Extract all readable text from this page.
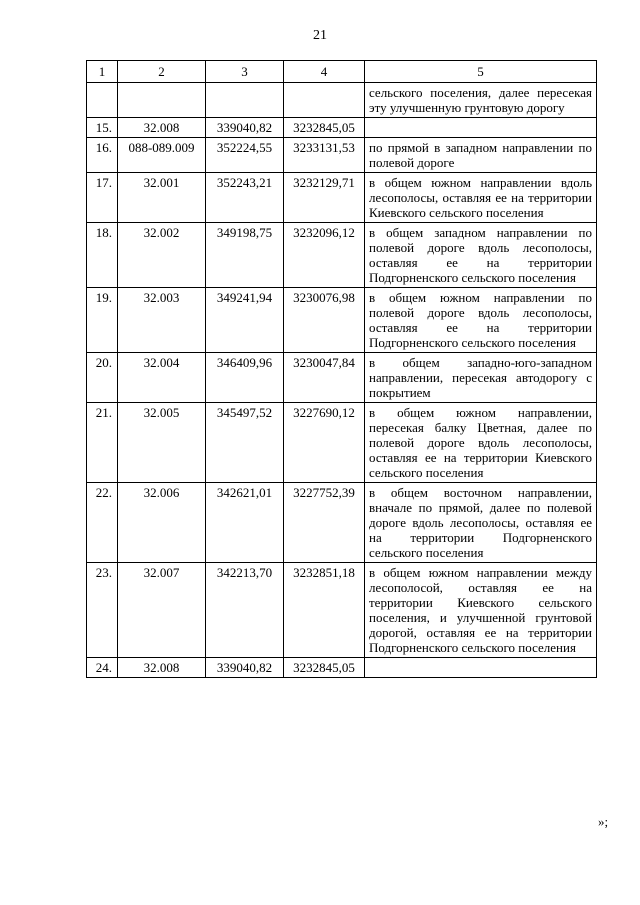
21
1	2	3	4	5
				сельского поселения, далее пересекая эту улучшенную грунтовую дорогу
15.	32.008	339040,82	3232845,05	
16.	088-089.009	352224,55	3233131,53	по прямой в западном направлении по полевой дороге
17.	32.001	352243,21	3232129,71	в общем южном направлении вдоль лесополосы, оставляя ее на территории Киевского сельского поселения
18.	32.002	349198,75	3232096,12	в общем западном направлении по полевой дороге вдоль лесополосы, оставляя ее на территории Подгорненского сельского поселения
19.	32.003	349241,94	3230076,98	в общем южном направлении по полевой дороге вдоль лесополосы, оставляя ее на территории Подгорненского сельского поселения
20.	32.004	346409,96	3230047,84	в общем западно-юго-западном направлении, пересекая автодорогу с покрытием
21.	32.005	345497,52	3227690,12	в общем южном направлении, пересекая балку Цветная, далее по полевой дороге вдоль лесополосы, оставляя ее на территории Киевского сельского поселения
22.	32.006	342621,01	3227752,39	в общем восточном направлении, вначале по прямой, далее по полевой дороге вдоль лесополосы, оставляя ее на территории Подгорненского сельского поселения
23.	32.007	342213,70	3232851,18	в общем южном направлении между лесополосой, оставляя ее на территории Киевского сельского поселения, и улучшенной грунтовой дорогой, оставляя ее на территории Подгорненского сельского поселения
24.	32.008	339040,82	3232845,05	
»;
